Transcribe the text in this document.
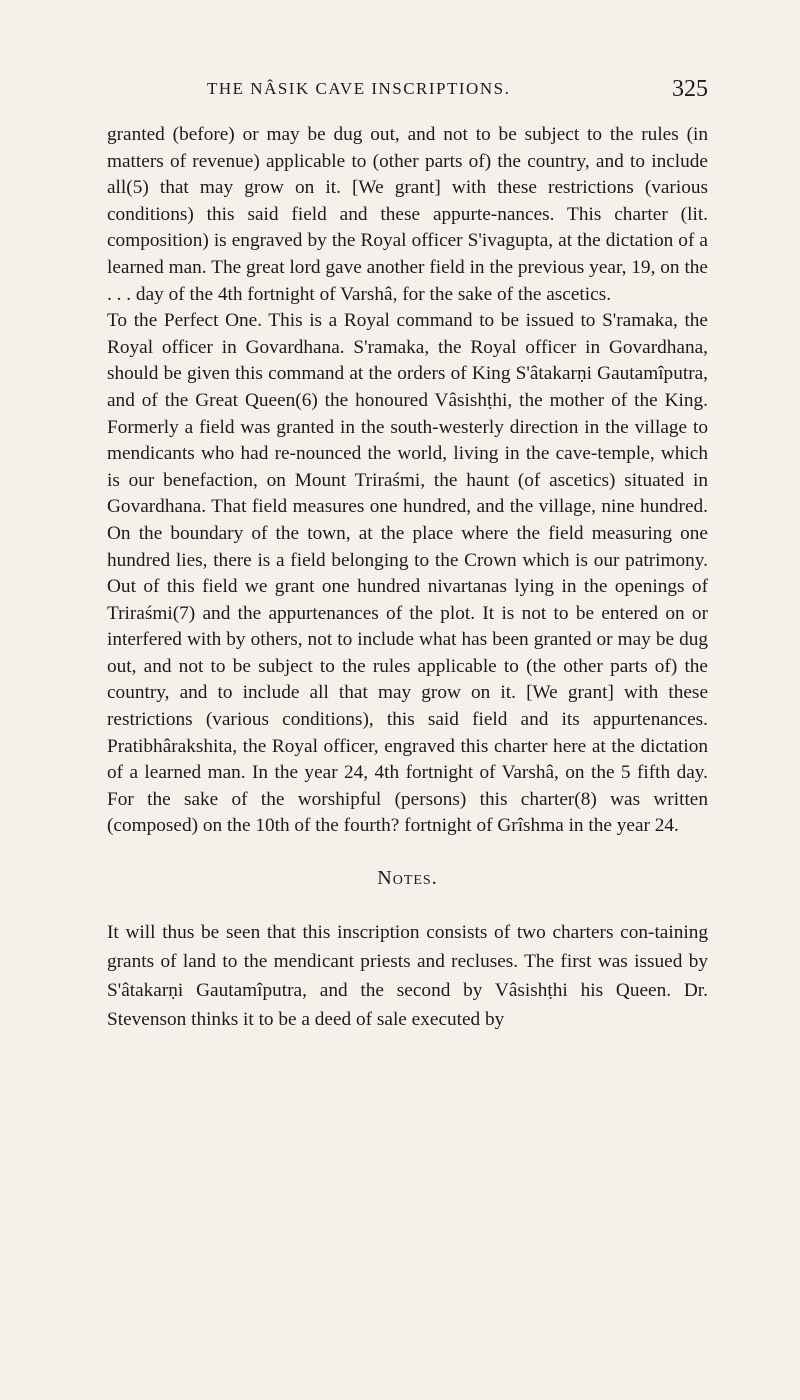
THE NÂSIK CAVE INSCRIPTIONS.	325

granted (before) or may be dug out, and not to be subject to the rules (in matters of revenue) applicable to (other parts of) the country, and to include all(5) that may grow on it. [We grant] with these restrictions (various conditions) this said field and these appurte-nances. This charter (lit. composition) is engraved by the Royal officer S'ivagupta, at the dictation of a learned man. The great lord gave another field in the previous year, 19, on the . . . day of the 4th fortnight of Varshâ, for the sake of the ascetics.

To the Perfect One. This is a Royal command to be issued to S'ramaka, the Royal officer in Govardhana. S'ramaka, the Royal officer in Govardhana, should be given this command at the orders of King S'âtakarṇi Gautamîputra, and of the Great Queen(6) the honoured Vâsishṭhi, the mother of the King. Formerly a field was granted in the south-westerly direction in the village to mendicants who had re-nounced the world, living in the cave-temple, which is our benefaction, on Mount Triraśmi, the haunt (of ascetics) situated in Govardhana. That field measures one hundred, and the village, nine hundred. On the boundary of the town, at the place where the field measuring one hundred lies, there is a field belonging to the Crown which is our patrimony. Out of this field we grant one hundred nivartanas lying in the openings of Triraśmi(7) and the appurtenances of the plot. It is not to be entered on or interfered with by others, not to include what has been granted or may be dug out, and not to be subject to the rules applicable to (the other parts of) the country, and to include all that may grow on it. [We grant] with these restrictions (various conditions), this said field and its appurtenances. Pratibhârakshita, the Royal officer, engraved this charter here at the dictation of a learned man. In the year 24, 4th fortnight of Varshâ, on the 5 fifth day. For the sake of the worshipful (persons) this charter(8) was written (composed) on the 10th of the fourth? fortnight of Grîshma in the year 24.

Notes.

It will thus be seen that this inscription consists of two charters con-taining grants of land to the mendicant priests and recluses. The first was issued by S'âtakarṇi Gautamîputra, and the second by Vâsishṭhi his Queen. Dr. Stevenson thinks it to be a deed of sale executed by
